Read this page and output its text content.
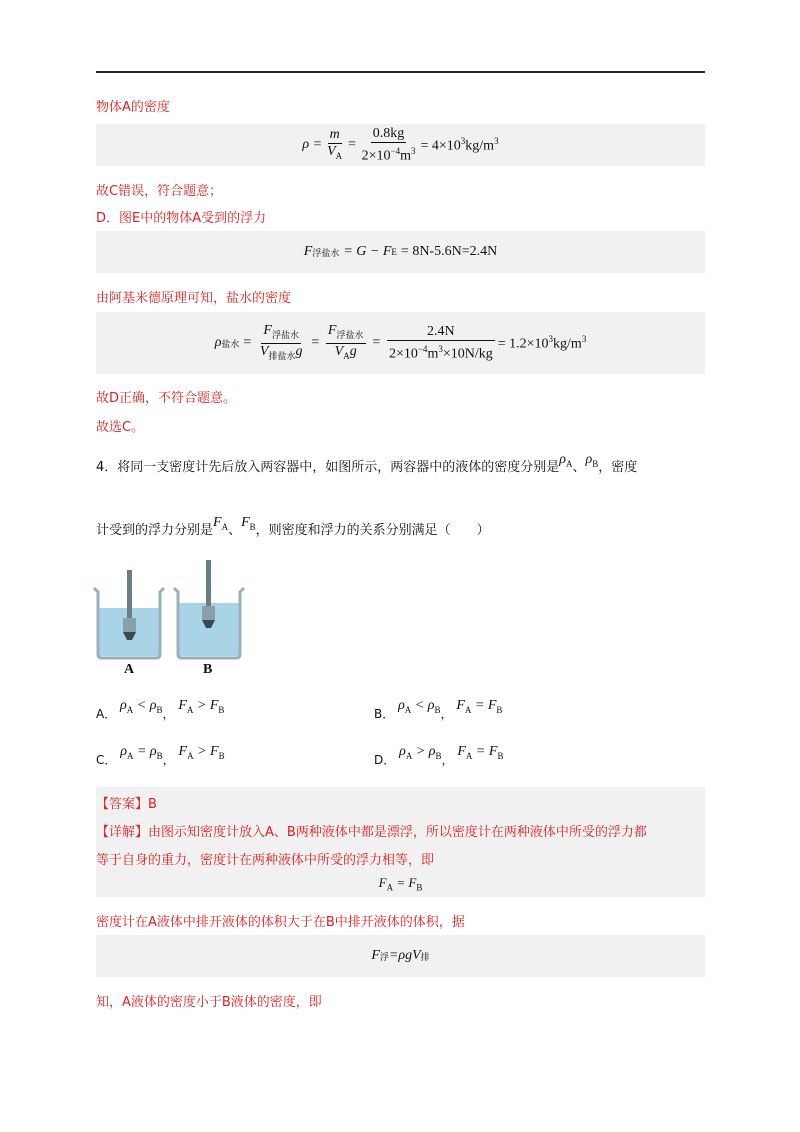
物体A的密度
$\rho = \frac{m}{V_A} = \frac{0.8kg}{2\times 10^{-4}m^3} = 4\times 10^3kg/m^3$
故C错误，符合题意；
D．图E中的物体A受到的浮力
F 浮盐水 = G − F E = 8N-5.6N=2.4N
由阿基米德原理可知，盐水的密度
ρ 盐水 = $\frac{F_{浮盐水}}{V_{排盐水}g} = \frac{F_{浮盐水}}{V_Ag} = \frac{2.4N}{2\times 10^{-4}m^3\times 10N/kg} = 1.2\times 10^3kg/m^3$
故D正确，不符合题意。
故选C。
4．将同一支密度计先后放入两容器中，如图所示，两容器中的液体的密度分别是$\rho_A$、$\rho_B$，密度
计受到的浮力分别是$F_A$、$F_B$，则密度和浮力的关系分别满足（　　）
A	B
A． $\rho_A < \rho_B$， $F_A > F_B$	B． $\rho_A < \rho_B$， $F_A = F_B$
C． $\rho_A = \rho_B$， $F_A > F_B$	D． $\rho_A > \rho_B$， $F_A = F_B$
【答案】B
【详解】由图示知密度计放入A、B两种液体中都是漂浮，所以密度计在两种液体中所受的浮力都
等于自身的重力，密度计在两种液体中所受的浮力相等，即
$F_A = F_B$
密度计在A液体中排开液体的体积大于在B中排开液体的体积，据
F 浮 =ρgV 排
知，A液体的密度小于B液体的密度，即
